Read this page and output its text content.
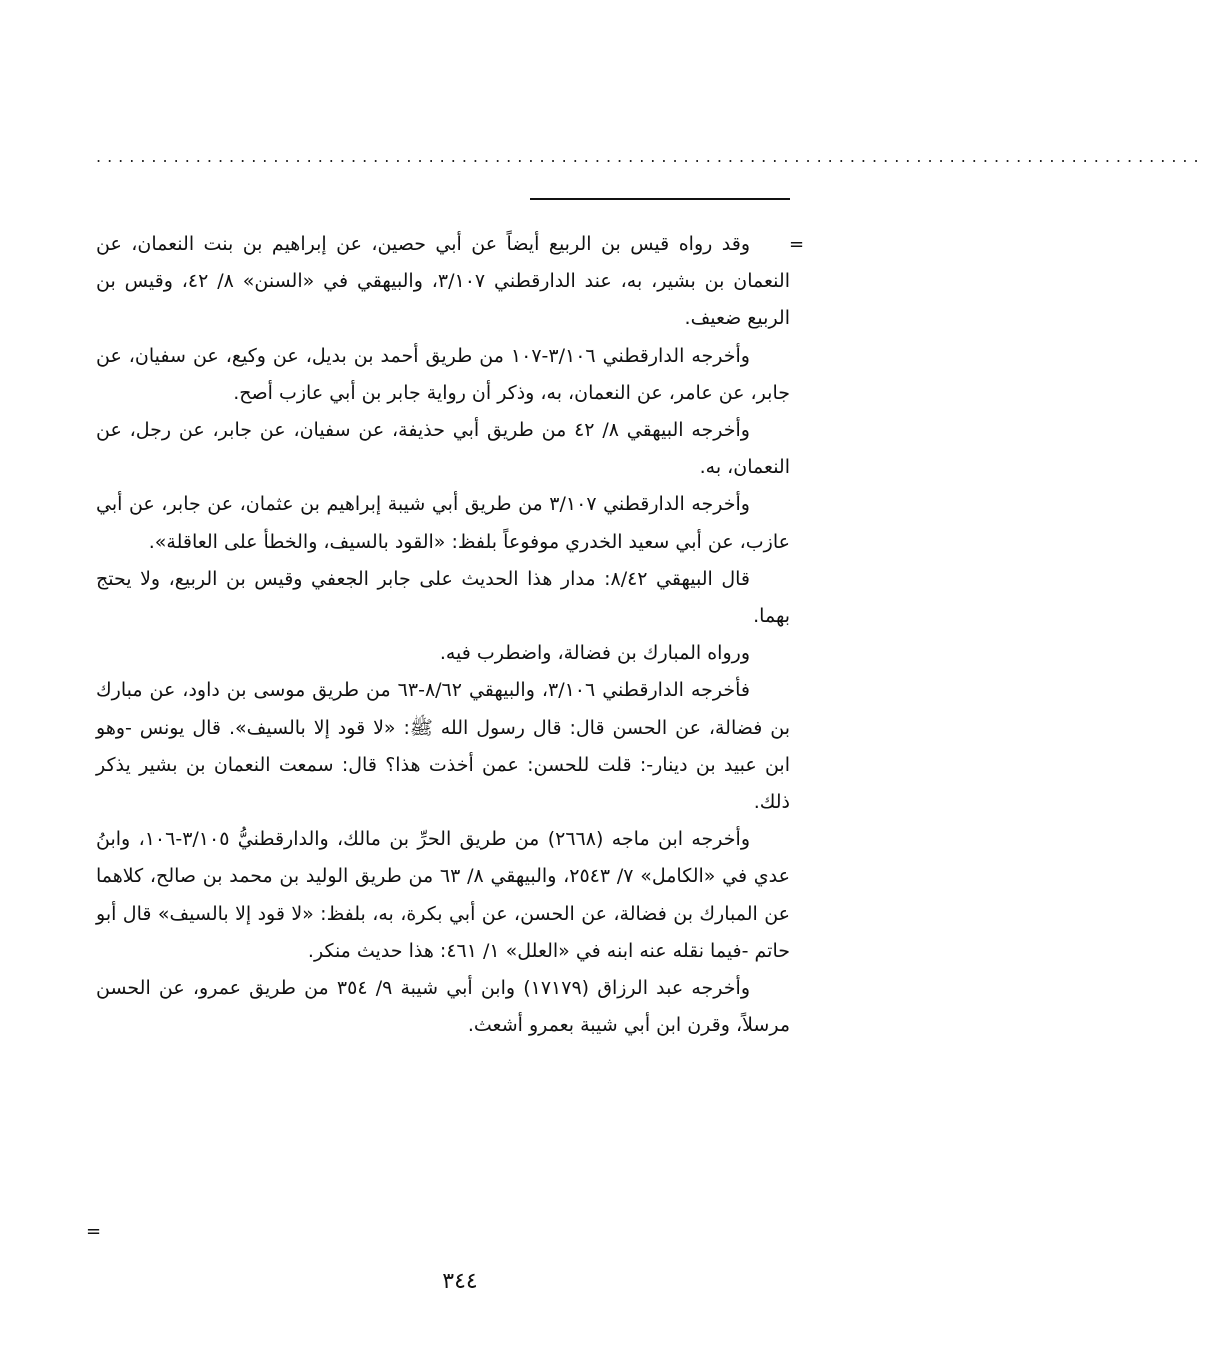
....................................................................................................
=

وقد رواه قيس بن الربيع أيضاً عن أبي حصين، عن إبراهيم بن بنت النعمان، عن النعمان بن بشير، به، عند الدارقطني ٣/١٠٧، والبيهقي في «السنن» ٨/ ٤٢، وقيس بن الربيع ضعيف.

وأخرجه الدارقطني ٣/١٠٦-١٠٧ من طريق أحمد بن بديل، عن وكيع، عن سفيان، عن جابر، عن عامر، عن النعمان، به، وذكر أن رواية جابر بن أبي عازب أصح.

وأخرجه البيهقي ٨/ ٤٢ من طريق أبي حذيفة، عن سفيان، عن جابر، عن رجل، عن النعمان، به.

وأخرجه الدارقطني ٣/١٠٧ من طريق أبي شيبة إبراهيم بن عثمان، عن جابر، عن أبي عازب، عن أبي سعيد الخدري موفوعاً بلفظ: «القود بالسيف، والخطأ على العاقلة».

قال البيهقي ٨/٤٢: مدار هذا الحديث على جابر الجعفي وقيس بن الربيع، ولا يحتج بهما.

ورواه المبارك بن فضالة، واضطرب فيه.

فأخرجه الدارقطني ٣/١٠٦، والبيهقي ٨/٦٢-٦٣ من طريق موسى بن داود، عن مبارك بن فضالة، عن الحسن قال: قال رسول الله ﷺ: «لا قود إلا بالسيف». قال يونس -وهو ابن عبيد بن دينار-: قلت للحسن: عمن أخذت هذا؟ قال: سمعت النعمان بن بشير يذكر ذلك.

وأخرجه ابن ماجه (٢٦٦٨) من طريق الحرِّ بن مالك، والدارقطنيُّ ٣/١٠٥-١٠٦، وابنُ عدي في «الكامل» ٧/ ٢٥٤٣، والبيهقي ٨/ ٦٣ من طريق الوليد بن محمد بن صالح، كلاهما عن المبارك بن فضالة، عن الحسن، عن أبي بكرة، به، بلفظ: «لا قود إلا بالسيف» قال أبو حاتم -فيما نقله عنه ابنه في «العلل» ١/ ٤٦١: هذا حديث منكر.

وأخرجه عبد الرزاق (١٧١٧٩) وابن أبي شيبة ٩/ ٣٥٤ من طريق عمرو، عن الحسن مرسلاً، وقرن ابن أبي شيبة بعمرو أشعث.

=
٣٤٤
